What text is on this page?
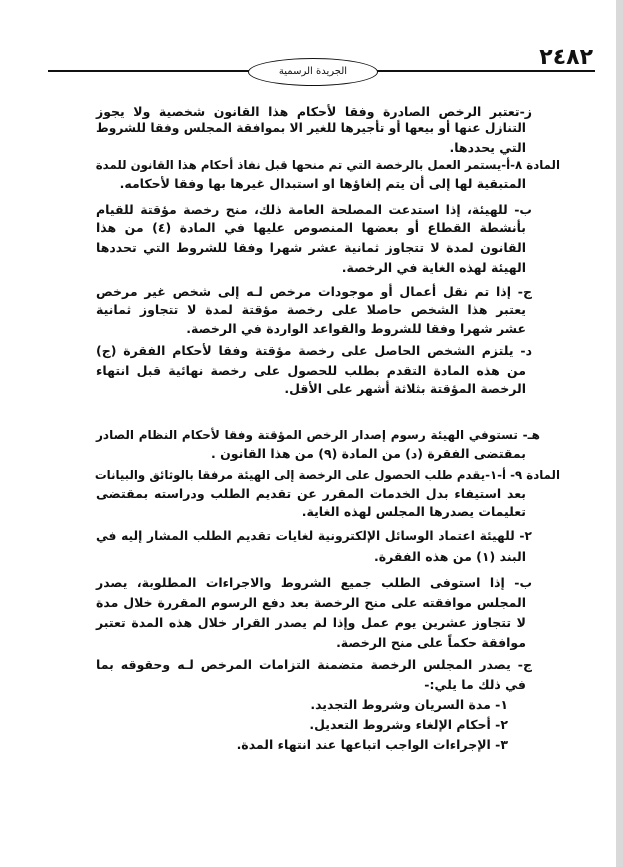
٢٤٨٢
الجريدة الرسمية
ز-تعتبر الرخص الصادرة وفقا لأحكام هذا القانون شخصية ولا يجوز
التنازل عنها أو بيعها أو تأجيرها للغير الا بموافقة المجلس وفقا للشروط
التي يحددها.
المادة ٨-أ-يستمر العمل بالرخصة التي تم منحها قبل نفاذ أحكام هذا القانون للمدة
المتبقية لها إلى أن يتم إلغاؤها او استبدال غيرها بها وفقا لأحكامه.
ب- للهيئة، إذا استدعت المصلحة العامة ذلك، منح رخصة مؤقتة للقيام
بأنشطة القطاع أو بعضها المنصوص عليها في المادة (٤) من هذا
القانون لمدة لا تتجاوز ثمانية عشر شهرا وفقا للشروط التي تحددها
الهيئة لهذه الغاية في الرخصة.
ج- إذا تم نقل أعمال أو موجودات مرخص لـه إلى شخص غير مرخص
يعتبر هذا الشخص حاصلا على رخصة مؤقتة لمدة لا تتجاوز ثمانية
عشر شهرا وفقا للشروط والقواعد الواردة في الرخصة.
د- يلتزم الشخص الحاصل على رخصة مؤقتة وفقا لأحكام الفقرة (ج)
من هذه المادة التقدم بطلب للحصول على رخصة نهائية قبل انتهاء
الرخصة المؤقتة بثلاثة أشهر على الأقل.
هـ- تستوفي الهيئة رسوم إصدار الرخص المؤقتة وفقا لأحكام النظام الصادر
بمقتضى الفقرة (د) من المادة (٩) من هذا القانون .
المادة ٩- أ-١-يقدم طلب الحصول على الرخصة إلى الهيئة مرفقا بالوثائق والبيانات
بعد استيفاء بدل الخدمات المقرر عن تقديم الطلب ودراسته بمقتضى
تعليمات يصدرها المجلس لهذه الغاية.
٢- للهيئة اعتماد الوسائل الإلكترونية لغايات تقديم الطلب المشار إليه في
البند (١) من هذه الفقرة.
ب- إذا استوفى الطلب جميع الشروط والاجراءات المطلوبة، يصدر
المجلس موافقته على منح الرخصة بعد دفع الرسوم المقررة خلال مدة
لا تتجاوز عشرين يوم عمل وإذا لم يصدر القرار خلال هذه المدة تعتبر
موافقة حكماً على منح الرخصة.
ج- يصدر المجلس الرخصة متضمنة التزامات المرخص لـه وحقوقه بما
في ذلك ما يلي:-
١- مدة السريان وشروط التجديد.
٢- أحكام الإلغاء وشروط التعديل.
٣- الإجراءات الواجب اتباعها عند انتهاء المدة.
